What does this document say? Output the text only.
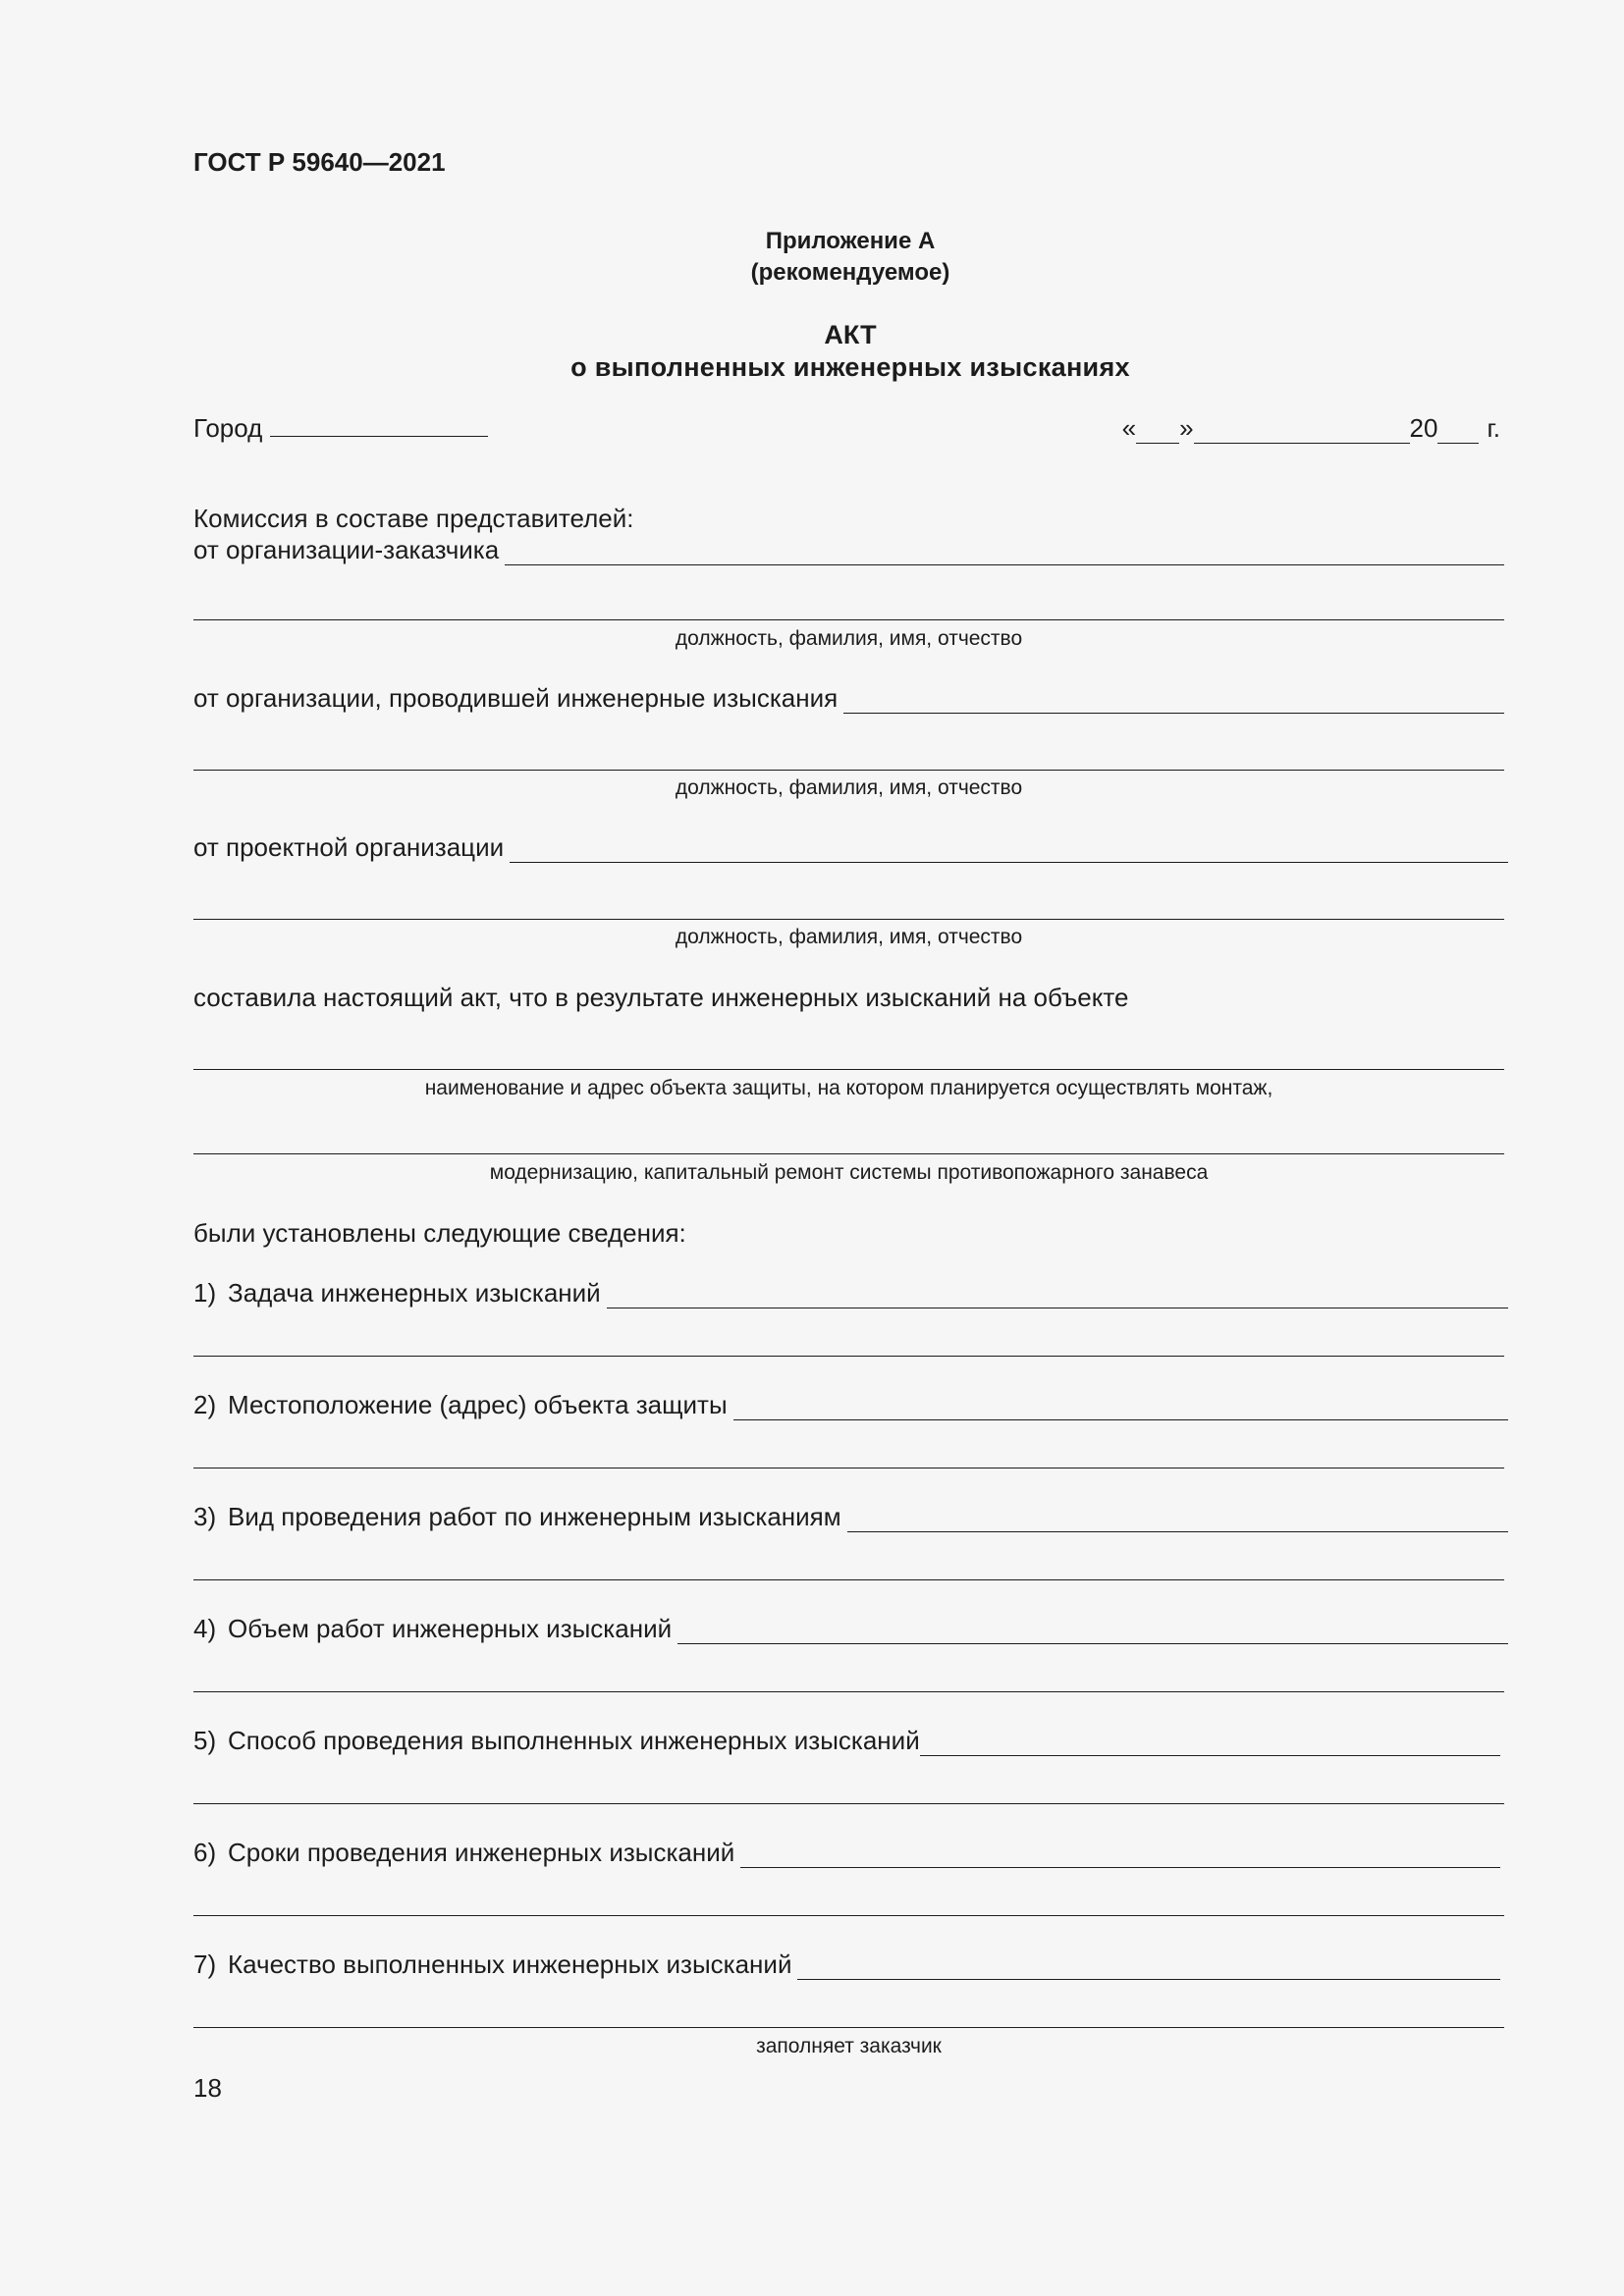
ГОСТ Р 59640—2021
Приложение А
(рекомендуемое)
АКТ
о выполненных инженерных изысканиях
Город	« »	20 г.
Комиссия в составе представителей:
от организации-заказчика
должность, фамилия, имя, отчество
от организации, проводившей инженерные изыскания
должность, фамилия, имя, отчество
от проектной организации
должность, фамилия, имя, отчество
составила настоящий акт, что в результате инженерных изысканий на объекте
наименование и адрес объекта защиты, на котором планируется осуществлять монтаж,
модернизацию, капитальный ремонт системы противопожарного занавеса
были установлены следующие сведения:
1) Задача инженерных изысканий
2) Местоположение (адрес) объекта защиты
3) Вид проведения работ по инженерным изысканиям
4) Объем работ инженерных изысканий
5) Способ проведения выполненных инженерных изысканий
6) Сроки проведения инженерных изысканий
7) Качество выполненных инженерных изысканий
заполняет заказчик
18
